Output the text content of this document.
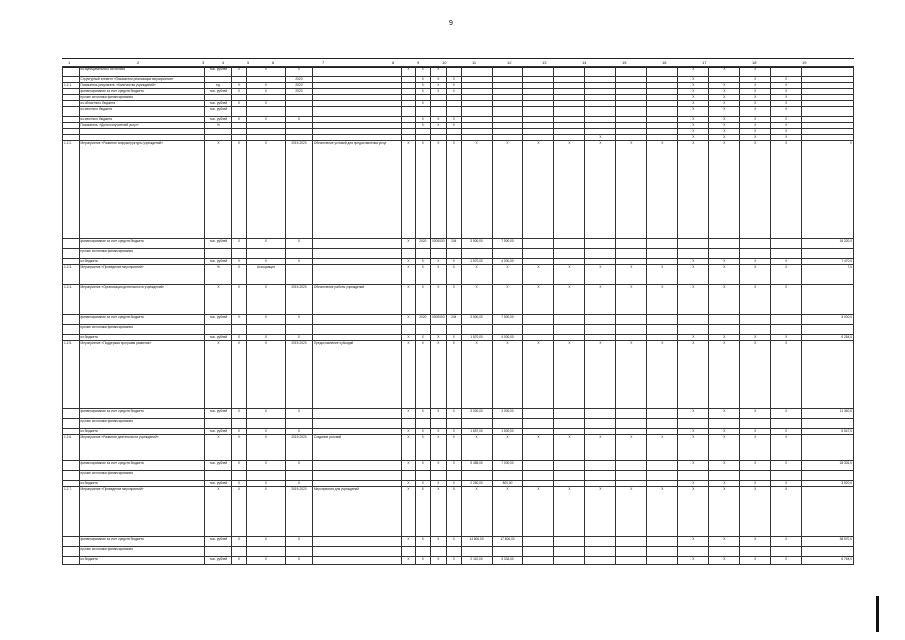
9
1	2	3	4	5	6	7	8	9	10	11	12	13	14	15	16	17	18	19
	из муниципального источника	тыс. рублей	Х	Х	Х		Х	Х	Х									Х	Х	Х		
	Структурный элемент «Показатели реализации мероприятия»				2020			Х	Х	Х								Х		Х	Х	
1.2.1.	Показатель результата: «Количество учреждений»	ед.	Х	Х	2020			Х	Х	Х								Х	Х	Х	Х	
	финансирование за счет средств бюджета	тыс. рублей	Х	Х	2020			Х	Х	Х								Х	Х	Х	Х	
	прочие источники финансирования																	Х	Х	Х	Х	
	из областного бюджета	тыс. рублей	Х	Х				Х										Х	Х	Х	Х	
	из местного бюджета	тыс. рублей																Х	Х	Х	Х	
	из местного бюджета	тыс. рублей	Х	Х	Х			Х	Х	Х								Х	Х	Х	Х	
	Показатель: «Доля получателей услуг»	%						Х	Х	Х								Х	Х	Х	Х	
																		Х	Х	Х	Х	
															Х			Х	Х	Х	Х	
1.2.2.	Мероприятие «Развитие инфраструктуры учреждений»	Х	Х	Х	2019-2023	Обеспечение условий для предоставления услуг	Х	Х	Х	Х	Х	Х	Х	Х	Х	Х	Х	Х	Х	Х	Х	Х
	финансирование за счет средств бюджета	тыс. рублей	Х	Х	Х		Х	2020	0000000	244	3 500,00	7 500,00										16 320,0
	прочие источники финансирования																					
	из бюджета	тыс. рублей	Х	Х	Х		Х	Х	Х	Х	1 570,00	4 000,00						Х	Х	Х	Х	7 470,0
1.2.3.	Мероприятие «Проведение мероприятий»	%	Х	Ассоциация			Х	Х	Х	Х	Х	Х	Х	Х	Х	Х	Х	Х	Х	Х	Х	7,0
1.2.4.	Мероприятие «Организация деятельности учреждений»	Х	Х	Х	2019-2023	Обеспечение работы учреждений	Х	Х	Х	Х	Х	Х	Х	Х	Х	Х	Х	Х	Х	Х	Х	
	финансирование за счет средств бюджета	тыс. рублей	Х	Х	Х		Х	2020	0000000	244	3 500,00	7 500,00										5 000,0
	прочие источники финансирования																					
	из бюджета	тыс. рублей	Х	Х	Х		Х	Х	Х	Х	1 570,00	4 000,00						Х	Х	Х	Х	5 284,0
1.2.5.	Мероприятие «Поддержка программ развития»	Х	Х	Х	2019-2023	Предоставление субсидий	Х	Х	Х	Х	Х	Х	Х	Х	Х	Х	Х	Х	Х	Х	Х	
	финансирование за счет средств бюджета	тыс. рублей	Х	Х	Х		Х	Х	Х	Х	3 000,00	3 000,00						Х	Х	Х	Х	11 360,0
	прочие источники финансирования																					
	из бюджета	тыс. рублей	Х	Х	Х		Х	Х	Х	Х	1 657,00	1 500,00						Х	Х	Х	Х	5 547,0
1.2.6.	Мероприятие «Развитие деятельности учреждений»	Х	Х	Х	2019-2023	Создание условий	Х	Х	Х	Х	Х	Х	Х	Х	Х	Х	Х	Х	Х	Х	Х	
	финансирование за счет средств бюджета	тыс. рублей	Х	Х	Х		Х	Х	Х	Х	5 485,00	7 000,00						Х	Х	Х	Х	18 326,0
	прочие источники финансирования																					
	из бюджета	тыс. рублей	Х	Х	Х		Х	Х	Х	Х	2 260,00	800,00						Х	Х	Х	Х	3 920,0
1.2.7.	Мероприятие «Проведение мероприятий»	Х	Х	Х	2019-2023	Мероприятия для учреждений	Х	Х	Х	Х	Х	Х	Х	Х	Х	Х	Х	Х	Х	Х	Х	
	финансирование за счет средств бюджета	тыс. рублей	Х	Х	Х		Х	Х	Х	Х	14 800,00	17 600,00						Х	Х	Х	Х	38 570,0
	прочие источники финансирования																					
	из бюджета	тыс. рублей	Х	Х	Х		Х	Х	Х	Х	2 110,00	3 334,00						Х	Х	Х	Х	6 764,0
